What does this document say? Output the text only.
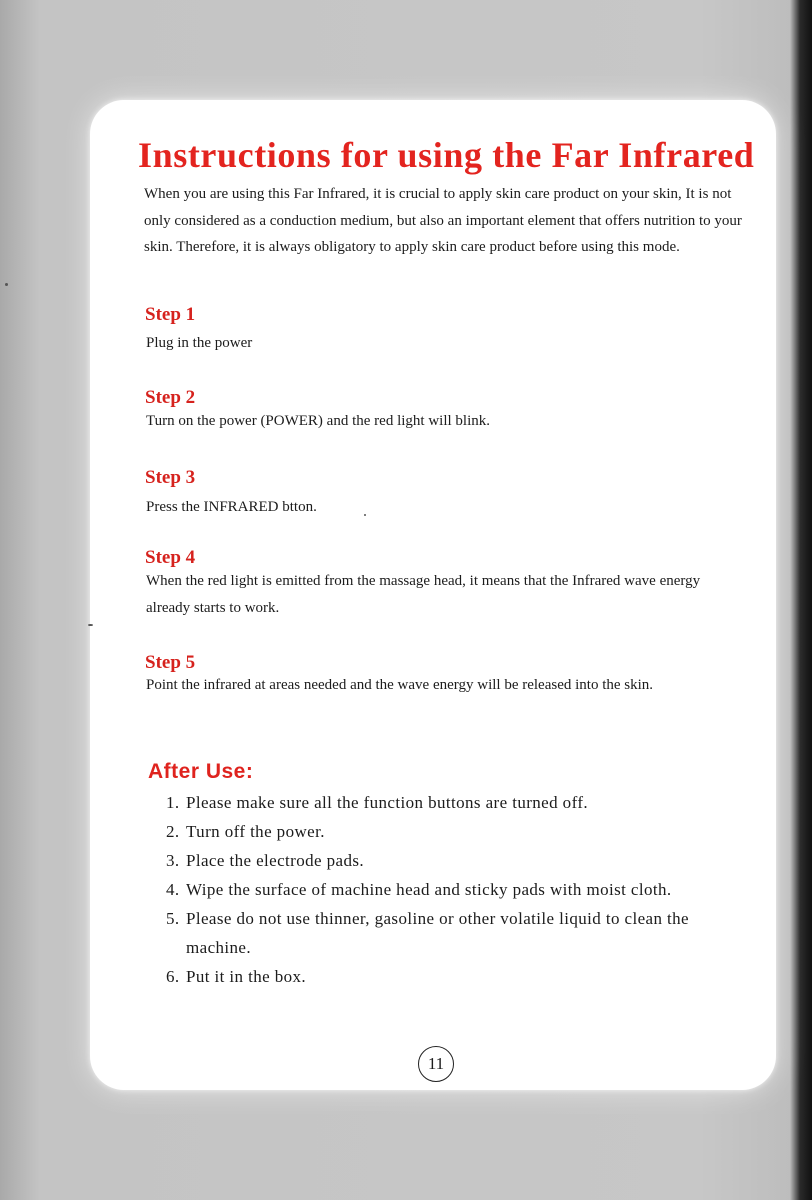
Instructions for using the Far Infrared

When you are using this Far Infrared, it is crucial to apply skin care product on your skin, It is not only considered as a conduction medium, but also an important element that offers nutrition to your skin. Therefore, it is always obligatory to apply skin care product before using this mode.

Step 1

Plug in the power

Step 2

Turn on the power (POWER) and the red light will blink.

Step 3

Press the INFRARED btton.

Step 4

When the red light is emitted from the massage head, it means that the Infrared wave energy already starts to work.

Step 5

Point the infrared at areas needed and the wave energy will be released into the skin.

After Use:
1. Please make sure all the function buttons are turned off.
2. Turn off the power.
3. Place the electrode pads.
4. Wipe the surface of machine head and sticky pads with moist cloth.
5. Please do not use thinner, gasoline or other volatile liquid to clean the machine.
6. Put it in the box.
11
